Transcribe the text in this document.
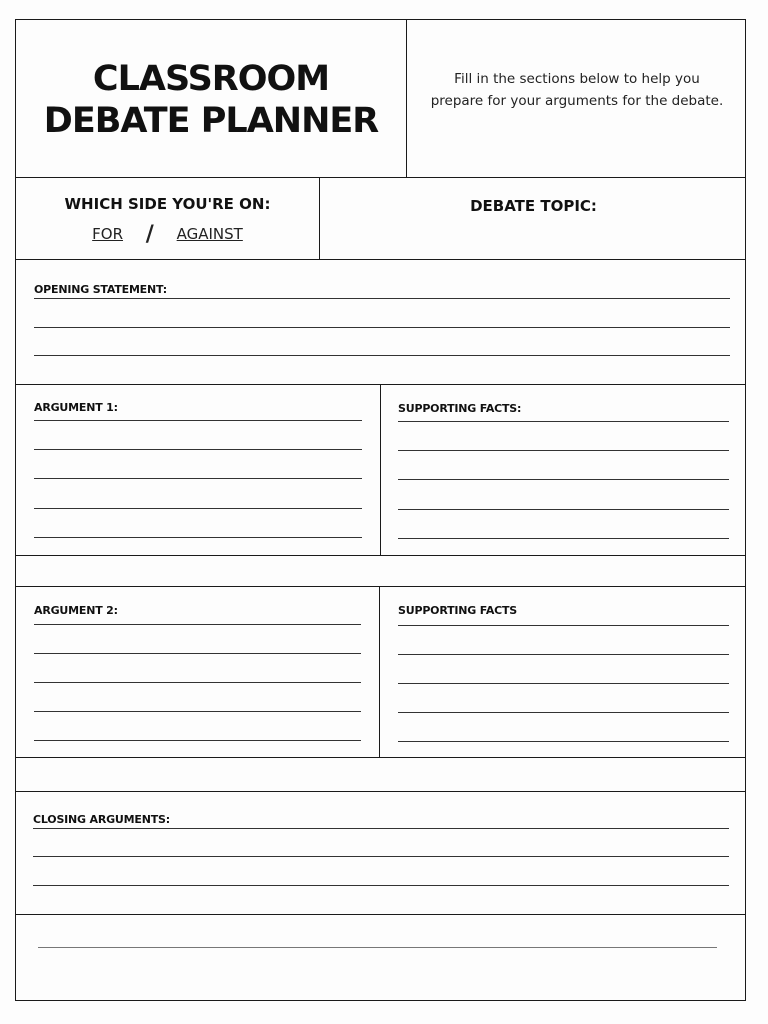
CLASSROOM
DEBATE PLANNER
Fill in the sections below to help you prepare for your arguments for the debate.
WHICH SIDE YOU'RE ON:
FOR / AGAINST
DEBATE TOPIC:
OPENING STATEMENT:
ARGUMENT 1:	SUPPORTING FACTS:
ARGUMENT 2:	SUPPORTING FACTS
CLOSING ARGUMENTS:
